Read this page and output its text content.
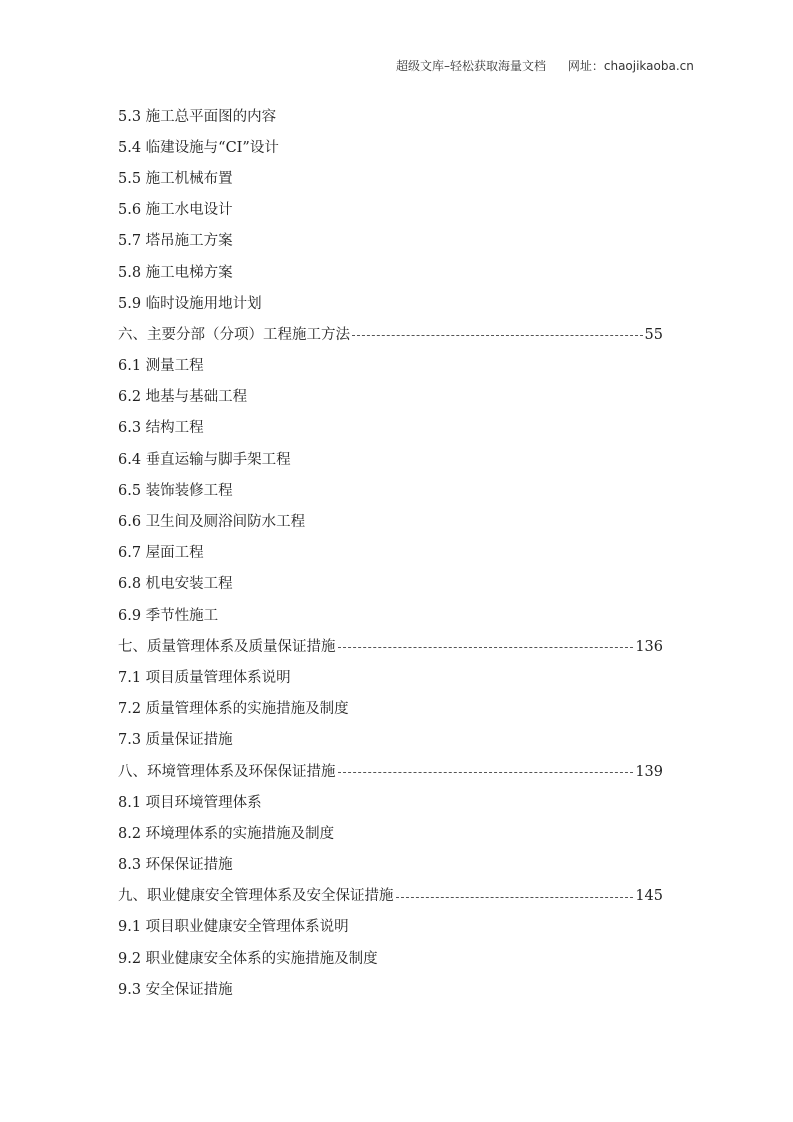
超级文库–轻松获取海量文档 网址：chaojikaoba.cn
5.3 施工总平面图的内容
5.4 临建设施与“CI”设计
5.5 施工机械布置
5.6 施工水电设计
5.7 塔吊施工方案
5.8 施工电梯方案
5.9 临时设施用地计划
六、主要分部（分项）工程施工方法	55
6.1 测量工程
6.2 地基与基础工程
6.3 结构工程
6.4 垂直运输与脚手架工程
6.5 装饰装修工程
6.6 卫生间及厕浴间防水工程
6.7 屋面工程
6.8 机电安装工程
6.9 季节性施工
七、质量管理体系及质量保证措施	136
7.1 项目质量管理体系说明
7.2 质量管理体系的实施措施及制度
7.3 质量保证措施
八、环境管理体系及环保保证措施	139
8.1 项目环境管理体系
8.2 环境理体系的实施措施及制度
8.3 环保保证措施
九、职业健康安全管理体系及安全保证措施	145
9.1 项目职业健康安全管理体系说明
9.2 职业健康安全体系的实施措施及制度
9.3 安全保证措施
